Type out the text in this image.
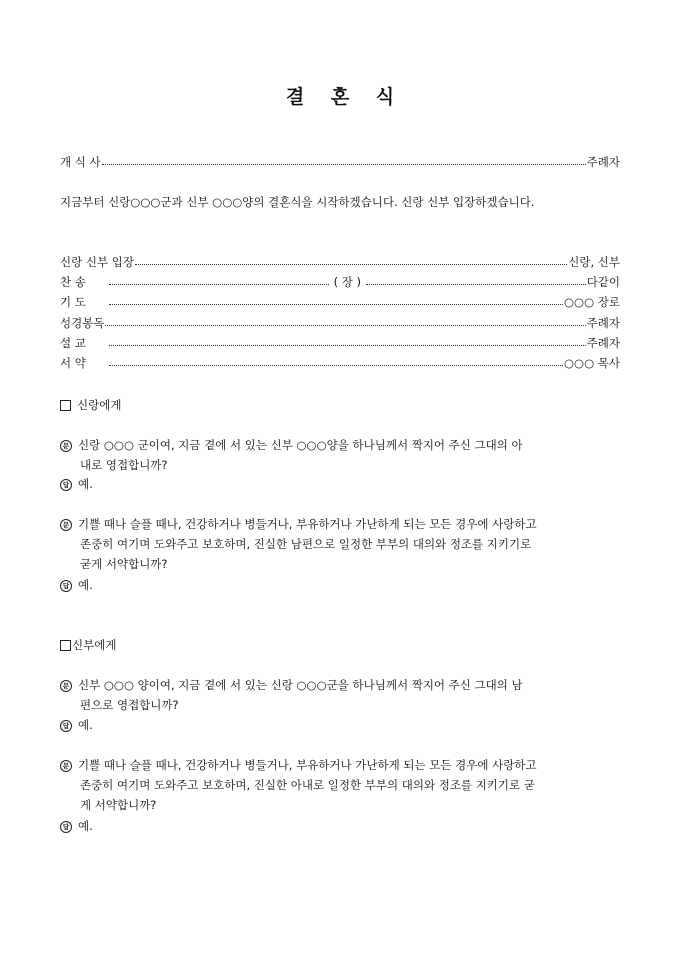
결 혼 식
개 식 사	주례자
지금부터 신랑○○○군과 신부 ○○○양의 결혼식을 시작하겠습니다. 신랑 신부 입장하겠습니다.
신랑 신부 입장	신랑, 신부
찬 송	( 장 )	다같이
기 도	○○○ 장로
성경봉독	주례자
설 교	주례자
서 약	○○○ 목사
신랑에게
문 신랑 ○○○ 군이여, 지금 곁에 서 있는 신부 ○○○양을 하나님께서 짝지어 주신 그대의 아
내로 영접합니까?
답 예.
문 기쁠 때나 슬플 때나, 건강하거나 병들거나, 부유하거나 가난하게 되는 모든 경우에 사랑하고
존중히 여기며 도와주고 보호하며, 진실한 남편으로 일정한 부부의 대의와 정조를 지키기로
굳게 서약합니까?
답 예.
신부에게
문 신부 ○○○ 양이여, 지금 곁에 서 있는 신랑 ○○○군을 하나님께서 짝지어 주신 그대의 남
편으로 영접합니까?
답 예.
문 기쁠 때나 슬플 때나, 건강하거나 병들거나, 부유하거나 가난하게 되는 모든 경우에 사랑하고
존중히 여기며 도와주고 보호하며, 진실한 아내로 일정한 부부의 대의와 정조를 지키기로 굳
게 서약합니까?
답 예.
